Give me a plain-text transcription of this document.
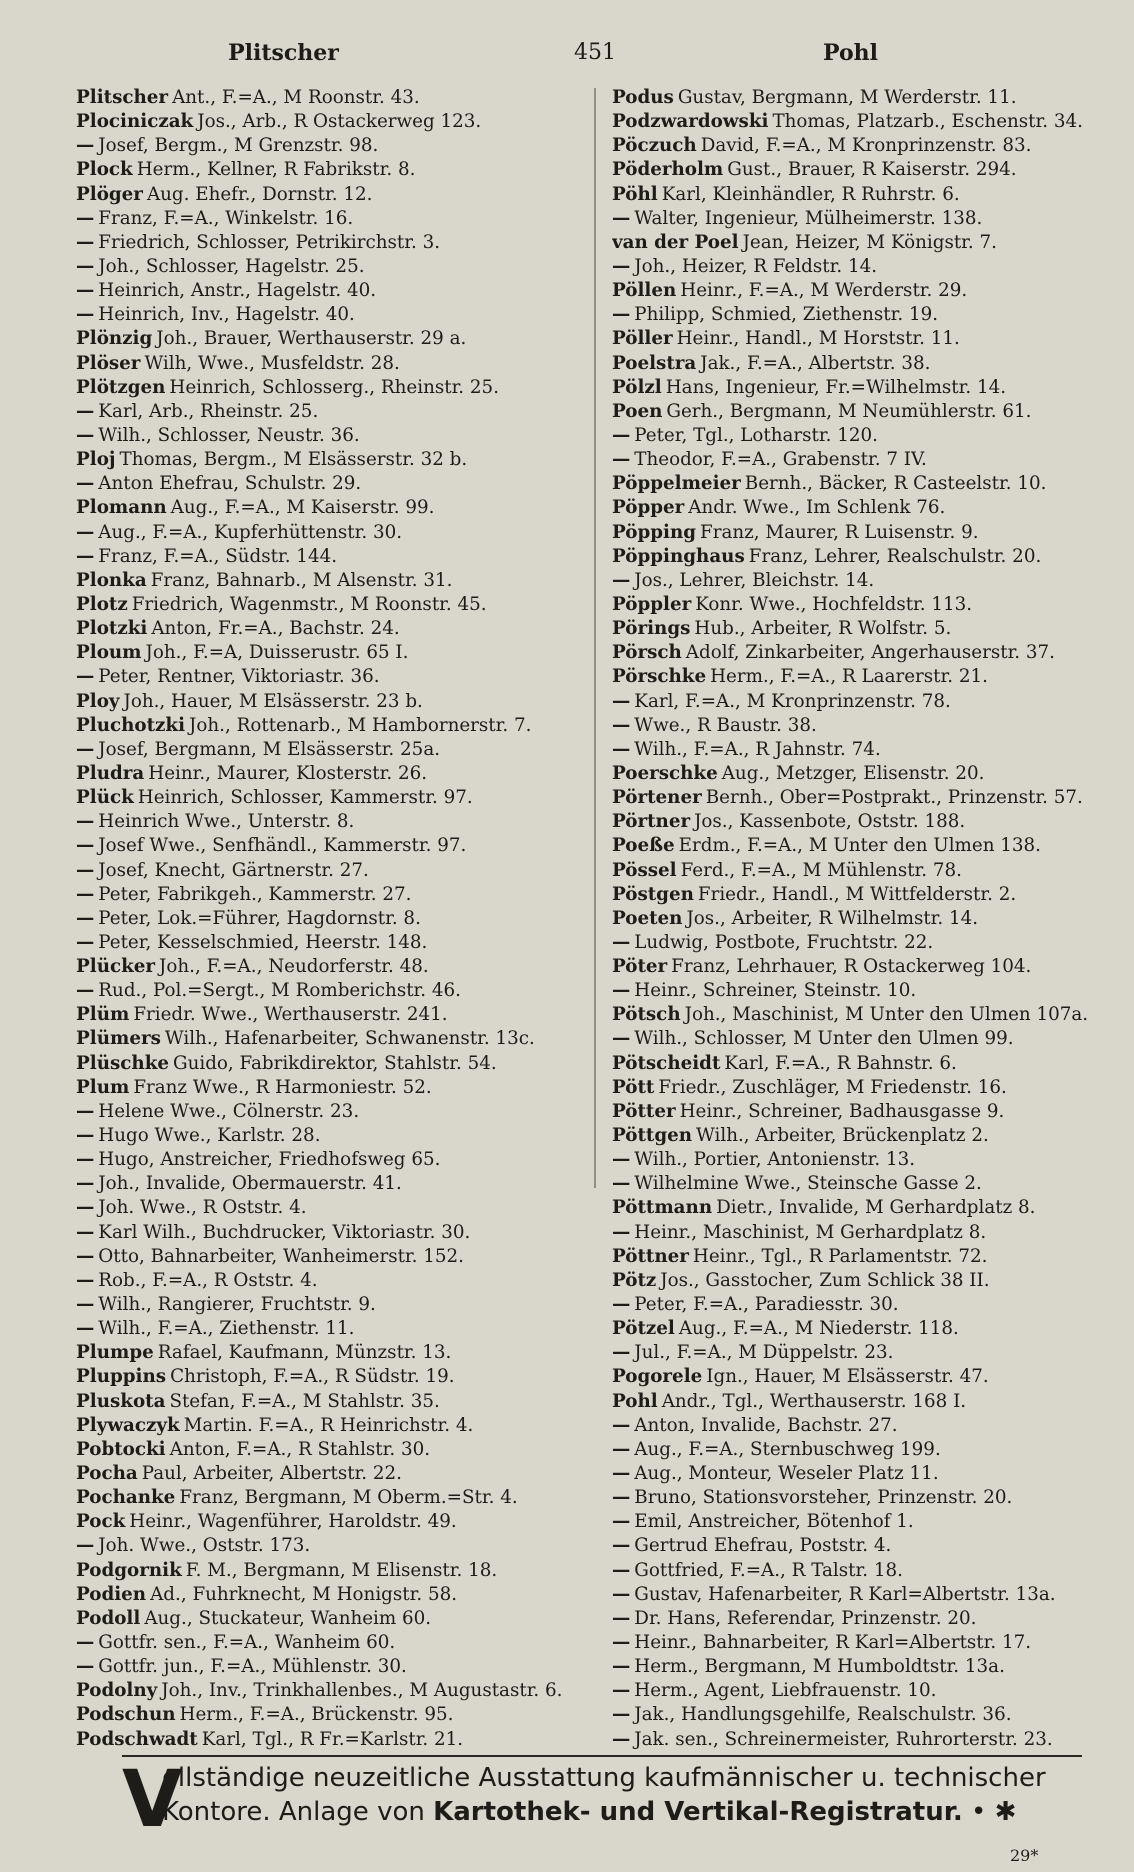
Plitscher	451	Pohl
Plitscher Ant., F.=A., M Roonstr. 43.
Plociniczak Jos., Arb., R Ostackerweg 123.
— Josef, Bergm., M Grenzstr. 98.
Plock Herm., Kellner, R Fabrikstr. 8.
Plöger Aug. Ehefr., Dornstr. 12.
— Franz, F.=A., Winkelstr. 16.
— Friedrich, Schlosser, Petrikirchstr. 3.
— Joh., Schlosser, Hagelstr. 25.
— Heinrich, Anstr., Hagelstr. 40.
— Heinrich, Inv., Hagelstr. 40.
Plönzig Joh., Brauer, Werthauserstr. 29 a.
Plöser Wilh, Wwe., Musfeldstr. 28.
Plötzgen Heinrich, Schlosserg., Rheinstr. 25.
— Karl, Arb., Rheinstr. 25.
— Wilh., Schlosser, Neustr. 36.
Ploj Thomas, Bergm., M Elsässerstr. 32 b.
— Anton Ehefrau, Schulstr. 29.
Plomann Aug., F.=A., M Kaiserstr. 99.
— Aug., F.=A., Kupferhüttenstr. 30.
— Franz, F.=A., Südstr. 144.
Plonka Franz, Bahnarb., M Alsenstr. 31.
Plotz Friedrich, Wagenmstr., M Roonstr. 45.
Plotzki Anton, Fr.=A., Bachstr. 24.
Ploum Joh., F.=A, Duisserustr. 65 I.
— Peter, Rentner, Viktoriastr. 36.
Ploy Joh., Hauer, M Elsässerstr. 23 b.
Pluchotzki Joh., Rottenarb., M Hambornerstr. 7.
— Josef, Bergmann, M Elsässerstr. 25a.
Pludra Heinr., Maurer, Klosterstr. 26.
Plück Heinrich, Schlosser, Kammerstr. 97.
— Heinrich Wwe., Unterstr. 8.
— Josef Wwe., Senfhändl., Kammerstr. 97.
— Josef, Knecht, Gärtnerstr. 27.
— Peter, Fabrikgeh., Kammerstr. 27.
— Peter, Lok.=Führer, Hagdornstr. 8.
— Peter, Kesselschmied, Heerstr. 148.
Plücker Joh., F.=A., Neudorferstr. 48.
— Rud., Pol.=Sergt., M Romberichstr. 46.
Plüm Friedr. Wwe., Werthauserstr. 241.
Plümers Wilh., Hafenarbeiter, Schwanenstr. 13c.
Plüschke Guido, Fabrikdirektor, Stahlstr. 54.
Plum Franz Wwe., R Harmoniestr. 52.
— Helene Wwe., Cölnerstr. 23.
— Hugo Wwe., Karlstr. 28.
— Hugo, Anstreicher, Friedhofsweg 65.
— Joh., Invalide, Obermauerstr. 41.
— Joh. Wwe., R Oststr. 4.
— Karl Wilh., Buchdrucker, Viktoriastr. 30.
— Otto, Bahnarbeiter, Wanheimerstr. 152.
— Rob., F.=A., R Oststr. 4.
— Wilh., Rangierer, Fruchtstr. 9.
— Wilh., F.=A., Ziethenstr. 11.
Plumpe Rafael, Kaufmann, Münzstr. 13.
Pluppins Christoph, F.=A., R Südstr. 19.
Pluskota Stefan, F.=A., M Stahlstr. 35.
Plywaczyk Martin. F.=A., R Heinrichstr. 4.
Pobtocki Anton, F.=A., R Stahlstr. 30.
Pocha Paul, Arbeiter, Albertstr. 22.
Pochanke Franz, Bergmann, M Oberm.=Str. 4.
Pock Heinr., Wagenführer, Haroldstr. 49.
— Joh. Wwe., Oststr. 173.
Podgornik F. M., Bergmann, M Elisenstr. 18.
Podien Ad., Fuhrknecht, M Honigstr. 58.
Podoll Aug., Stuckateur, Wanheim 60.
— Gottfr. sen., F.=A., Wanheim 60.
— Gottfr. jun., F.=A., Mühlenstr. 30.
Podolny Joh., Inv., Trinkhallenbes., M Augustastr. 6.
Podschun Herm., F.=A., Brückenstr. 95.
Podschwadt Karl, Tgl., R Fr.=Karlstr. 21.
Podus Gustav, Bergmann, M Werderstr. 11.
Podzwardowski Thomas, Platzarb., Eschenstr. 34.
Pöczuch David, F.=A., M Kronprinzenstr. 83.
Pöderholm Gust., Brauer, R Kaiserstr. 294.
Pöhl Karl, Kleinhändler, R Ruhrstr. 6.
— Walter, Ingenieur, Mülheimerstr. 138.
van der Poel Jean, Heizer, M Königstr. 7.
— Joh., Heizer, R Feldstr. 14.
Pöllen Heinr., F.=A., M Werderstr. 29.
— Philipp, Schmied, Ziethenstr. 19.
Pöller Heinr., Handl., M Horststr. 11.
Poelstra Jak., F.=A., Albertstr. 38.
Pölzl Hans, Ingenieur, Fr.=Wilhelmstr. 14.
Poen Gerh., Bergmann, M Neumühlerstr. 61.
— Peter, Tgl., Lotharstr. 120.
— Theodor, F.=A., Grabenstr. 7 IV.
Pöppelmeier Bernh., Bäcker, R Casteelstr. 10.
Pöpper Andr. Wwe., Im Schlenk 76.
Pöpping Franz, Maurer, R Luisenstr. 9.
Pöppinghaus Franz, Lehrer, Realschulstr. 20.
— Jos., Lehrer, Bleichstr. 14.
Pöppler Konr. Wwe., Hochfeldstr. 113.
Pörings Hub., Arbeiter, R Wolfstr. 5.
Pörsch Adolf, Zinkarbeiter, Angerhauserstr. 37.
Pörschke Herm., F.=A., R Laarerstr. 21.
— Karl, F.=A., M Kronprinzenstr. 78.
— Wwe., R Baustr. 38.
— Wilh., F.=A., R Jahnstr. 74.
Poerschke Aug., Metzger, Elisenstr. 20.
Pörtener Bernh., Ober=Postprakt., Prinzenstr. 57.
Pörtner Jos., Kassenbote, Oststr. 188.
Poeße Erdm., F.=A., M Unter den Ulmen 138.
Pössel Ferd., F.=A., M Mühlenstr. 78.
Pöstgen Friedr., Handl., M Wittfelderstr. 2.
Poeten Jos., Arbeiter, R Wilhelmstr. 14.
— Ludwig, Postbote, Fruchtstr. 22.
Pöter Franz, Lehrhauer, R Ostackerweg 104.
— Heinr., Schreiner, Steinstr. 10.
Pötsch Joh., Maschinist, M Unter den Ulmen 107a.
— Wilh., Schlosser, M Unter den Ulmen 99.
Pötscheidt Karl, F.=A., R Bahnstr. 6.
Pött Friedr., Zuschläger, M Friedenstr. 16.
Pötter Heinr., Schreiner, Badhausgasse 9.
Pöttgen Wilh., Arbeiter, Brückenplatz 2.
— Wilh., Portier, Antonienstr. 13.
— Wilhelmine Wwe., Steinsche Gasse 2.
Pöttmann Dietr., Invalide, M Gerhardplatz 8.
— Heinr., Maschinist, M Gerhardplatz 8.
Pöttner Heinr., Tgl., R Parlamentstr. 72.
Pötz Jos., Gasstocher, Zum Schlick 38 II.
— Peter, F.=A., Paradiesstr. 30.
Pötzel Aug., F.=A., M Niederstr. 118.
— Jul., F.=A., M Düppelstr. 23.
Pogorele Ign., Hauer, M Elsässerstr. 47.
Pohl Andr., Tgl., Werthauserstr. 168 I.
— Anton, Invalide, Bachstr. 27.
— Aug., F.=A., Sternbuschweg 199.
— Aug., Monteur, Weseler Platz 11.
— Bruno, Stationsvorsteher, Prinzenstr. 20.
— Emil, Anstreicher, Bötenhof 1.
— Gertrud Ehefrau, Poststr. 4.
— Gottfried, F.=A., R Talstr. 18.
— Gustav, Hafenarbeiter, R Karl=Albertstr. 13a.
— Dr. Hans, Referendar, Prinzenstr. 20.
— Heinr., Bahnarbeiter, R Karl=Albertstr. 17.
— Herm., Bergmann, M Humboldtstr. 13a.
— Herm., Agent, Liebfrauenstr. 10.
— Jak., Handlungsgehilfe, Realschulstr. 36.
— Jak. sen., Schreinermeister, Ruhrorterstr. 23.
V
ollständige neuzeitliche Ausstattung kaufmännischer u. technischer
Kontore. Anlage von Kartothek- und Vertikal-Registratur. • ✱
29*
